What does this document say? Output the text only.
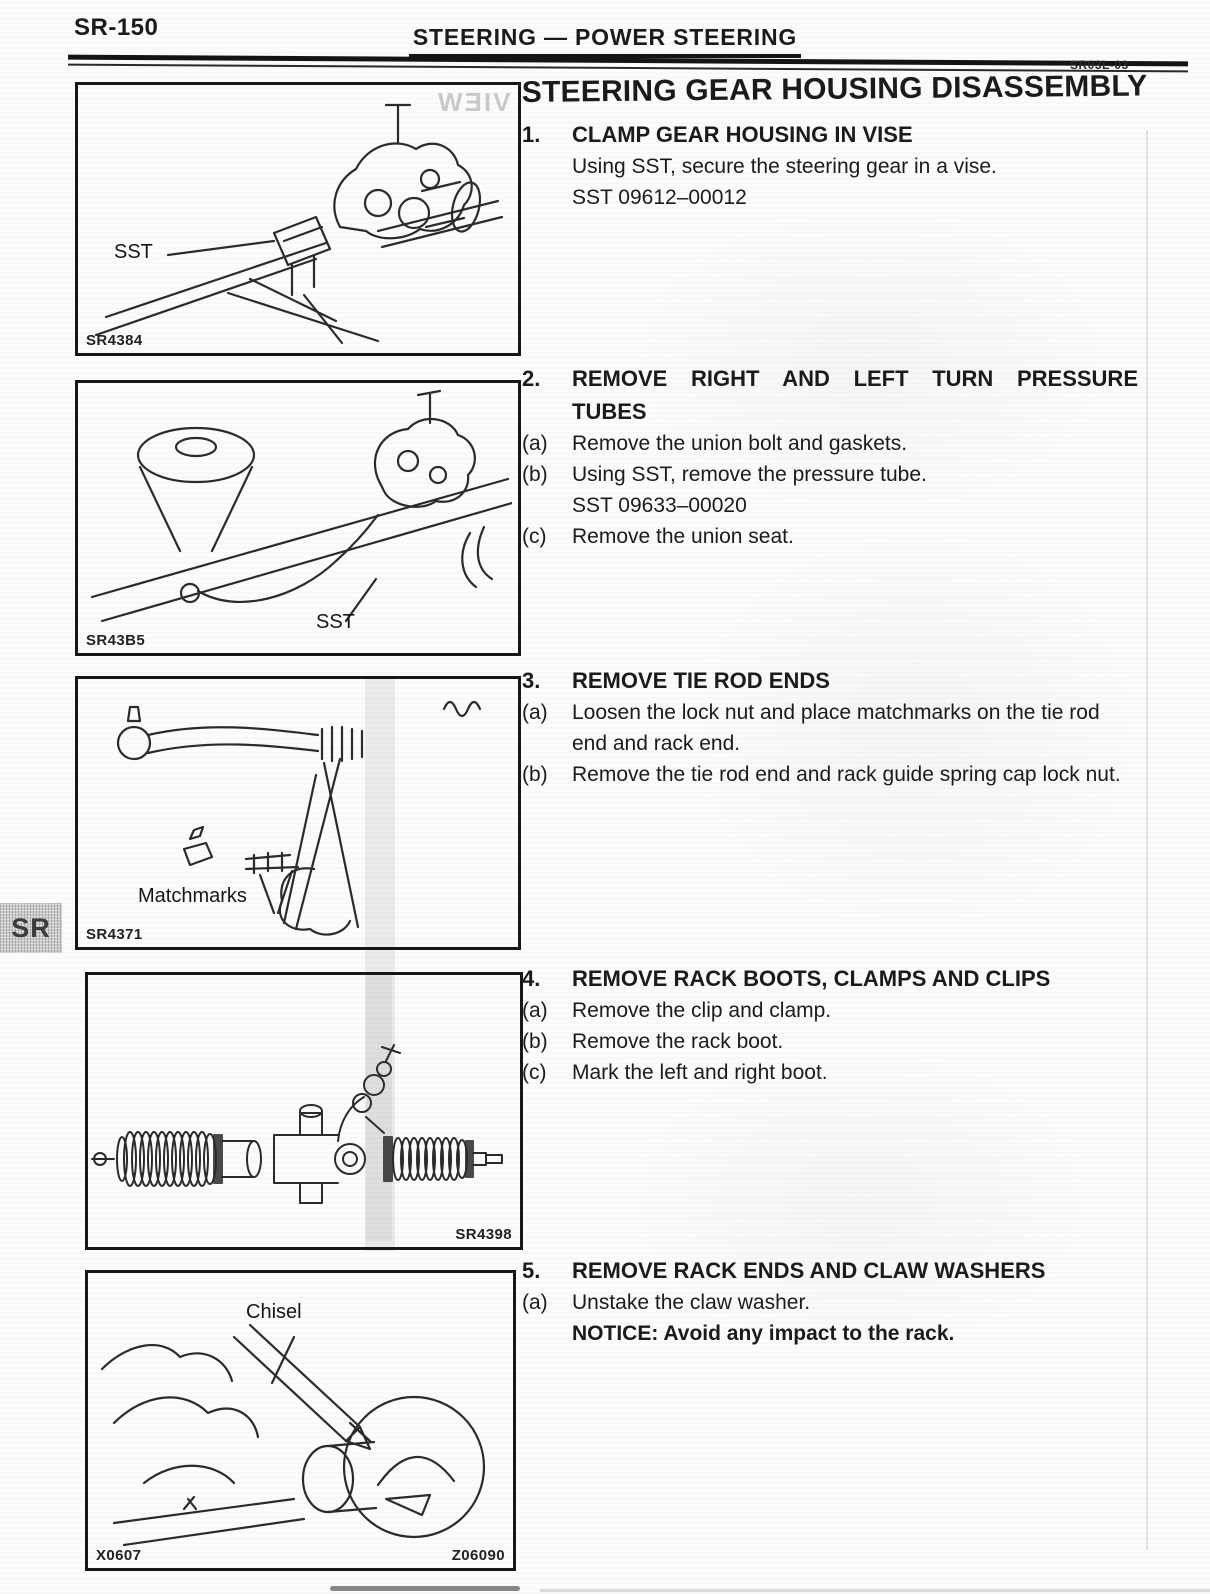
SR-150	STEERING — POWER STEERING
SR03L-03
STEERING GEAR HOUSING DISASSEMBLY
SR
VIEW
SST
SR4384
SST
SR43B5
Matchmarks
SR4371
SR4398
Chisel
X0607	Z06090
1.	CLAMP GEAR HOUSING IN VISE
Using SST, secure the steering gear in a vise.
SST 09612–00012
2.	REMOVE RIGHT AND LEFT TURN PRESSURE
TUBES
(a)	Remove the union bolt and gaskets.
(b)	Using SST, remove the pressure tube.
SST 09633–00020
(c)	Remove the union seat.
3.	REMOVE TIE ROD ENDS
(a)	Loosen the lock nut and place matchmarks on the tie rod end and rack end.
(b)	Remove the tie rod end and rack guide spring cap lock nut.
4.	REMOVE RACK BOOTS, CLAMPS AND CLIPS
(a)	Remove the clip and clamp.
(b)	Remove the rack boot.
(c)	Mark the left and right boot.
5.	REMOVE RACK ENDS AND CLAW WASHERS
(a)	Unstake the claw washer.
NOTICE: Avoid any impact to the rack.
